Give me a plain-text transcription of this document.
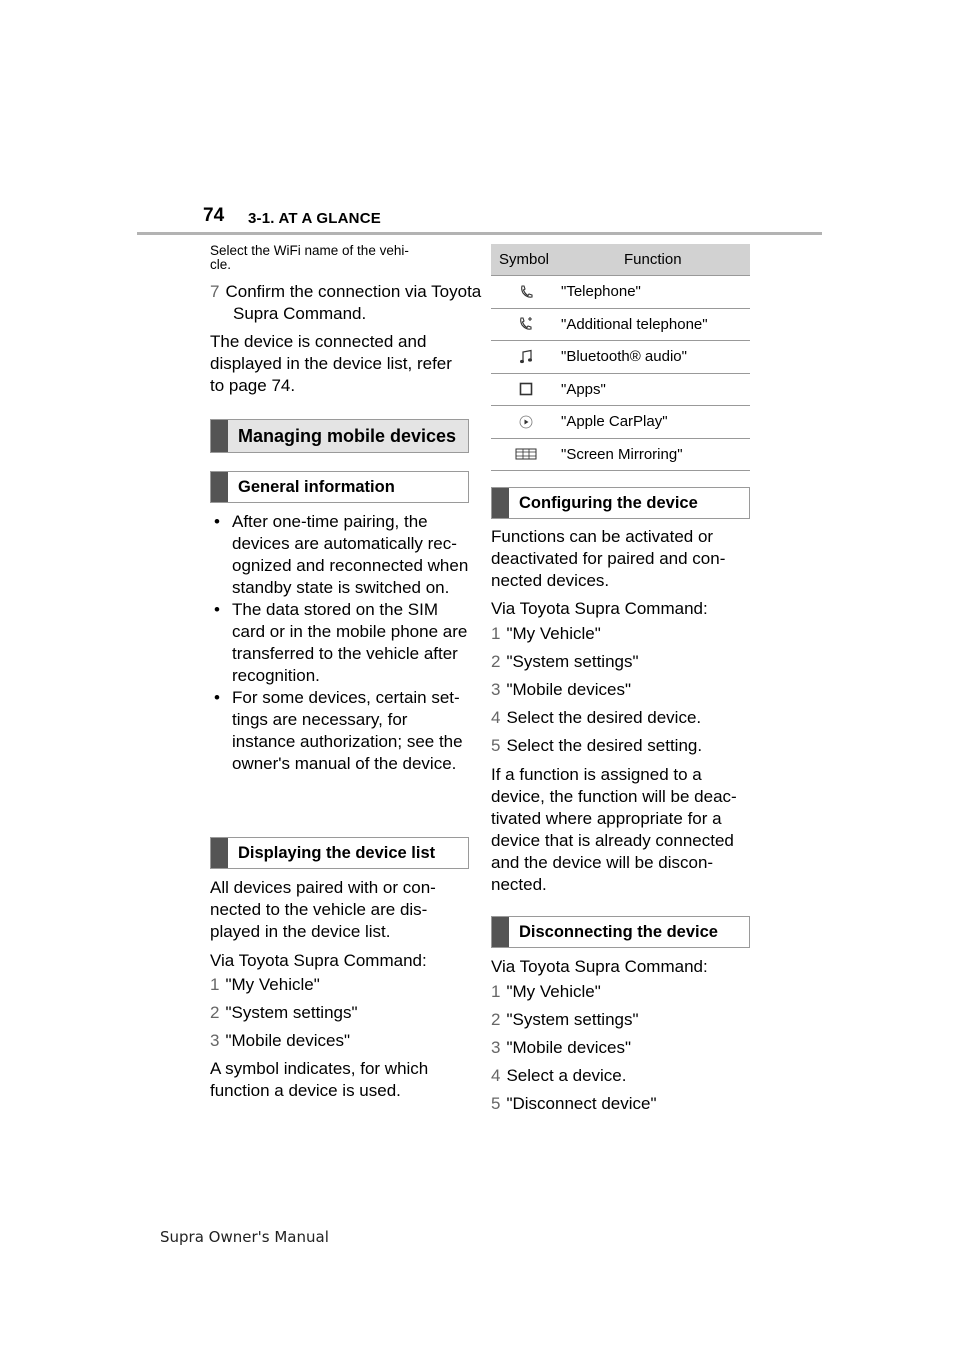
74 3-1. AT A GLANCE
Select the WiFi name of the vehi-
cle.
7 Confirm the connection via Toyota Supra Command.
The device is connected and displayed in the device list, refer to page 74.
Managing mobile devices
General information
• After one-time pairing, the devices are automatically rec-ognized and reconnected when standby state is switched on.
• The data stored on the SIM card or in the mobile phone are transferred to the vehicle after recognition.
• For some devices, certain set-tings are necessary, for instance authorization; see the owner's manual of the device.
Displaying the device list
All devices paired with or con-nected to the vehicle are dis-played in the device list.
Via Toyota Supra Command:
1 "My Vehicle"
2 "System settings"
3 "Mobile devices"
A symbol indicates, for which function a device is used.
Symbol	Function
"Telephone"
"Additional telephone"
"Bluetooth® audio"
"Apps"
"Apple CarPlay"
"Screen Mirroring"
Configuring the device
Functions can be activated or deactivated for paired and con-nected devices.
Via Toyota Supra Command:
1 "My Vehicle"
2 "System settings"
3 "Mobile devices"
4 Select the desired device.
5 Select the desired setting.
If a function is assigned to a device, the function will be deac-tivated where appropriate for a device that is already connected and the device will be discon-nected.
Disconnecting the device
Via Toyota Supra Command:
1 "My Vehicle"
2 "System settings"
3 "Mobile devices"
4 Select a device.
5 "Disconnect device"
Supra Owner's Manual
